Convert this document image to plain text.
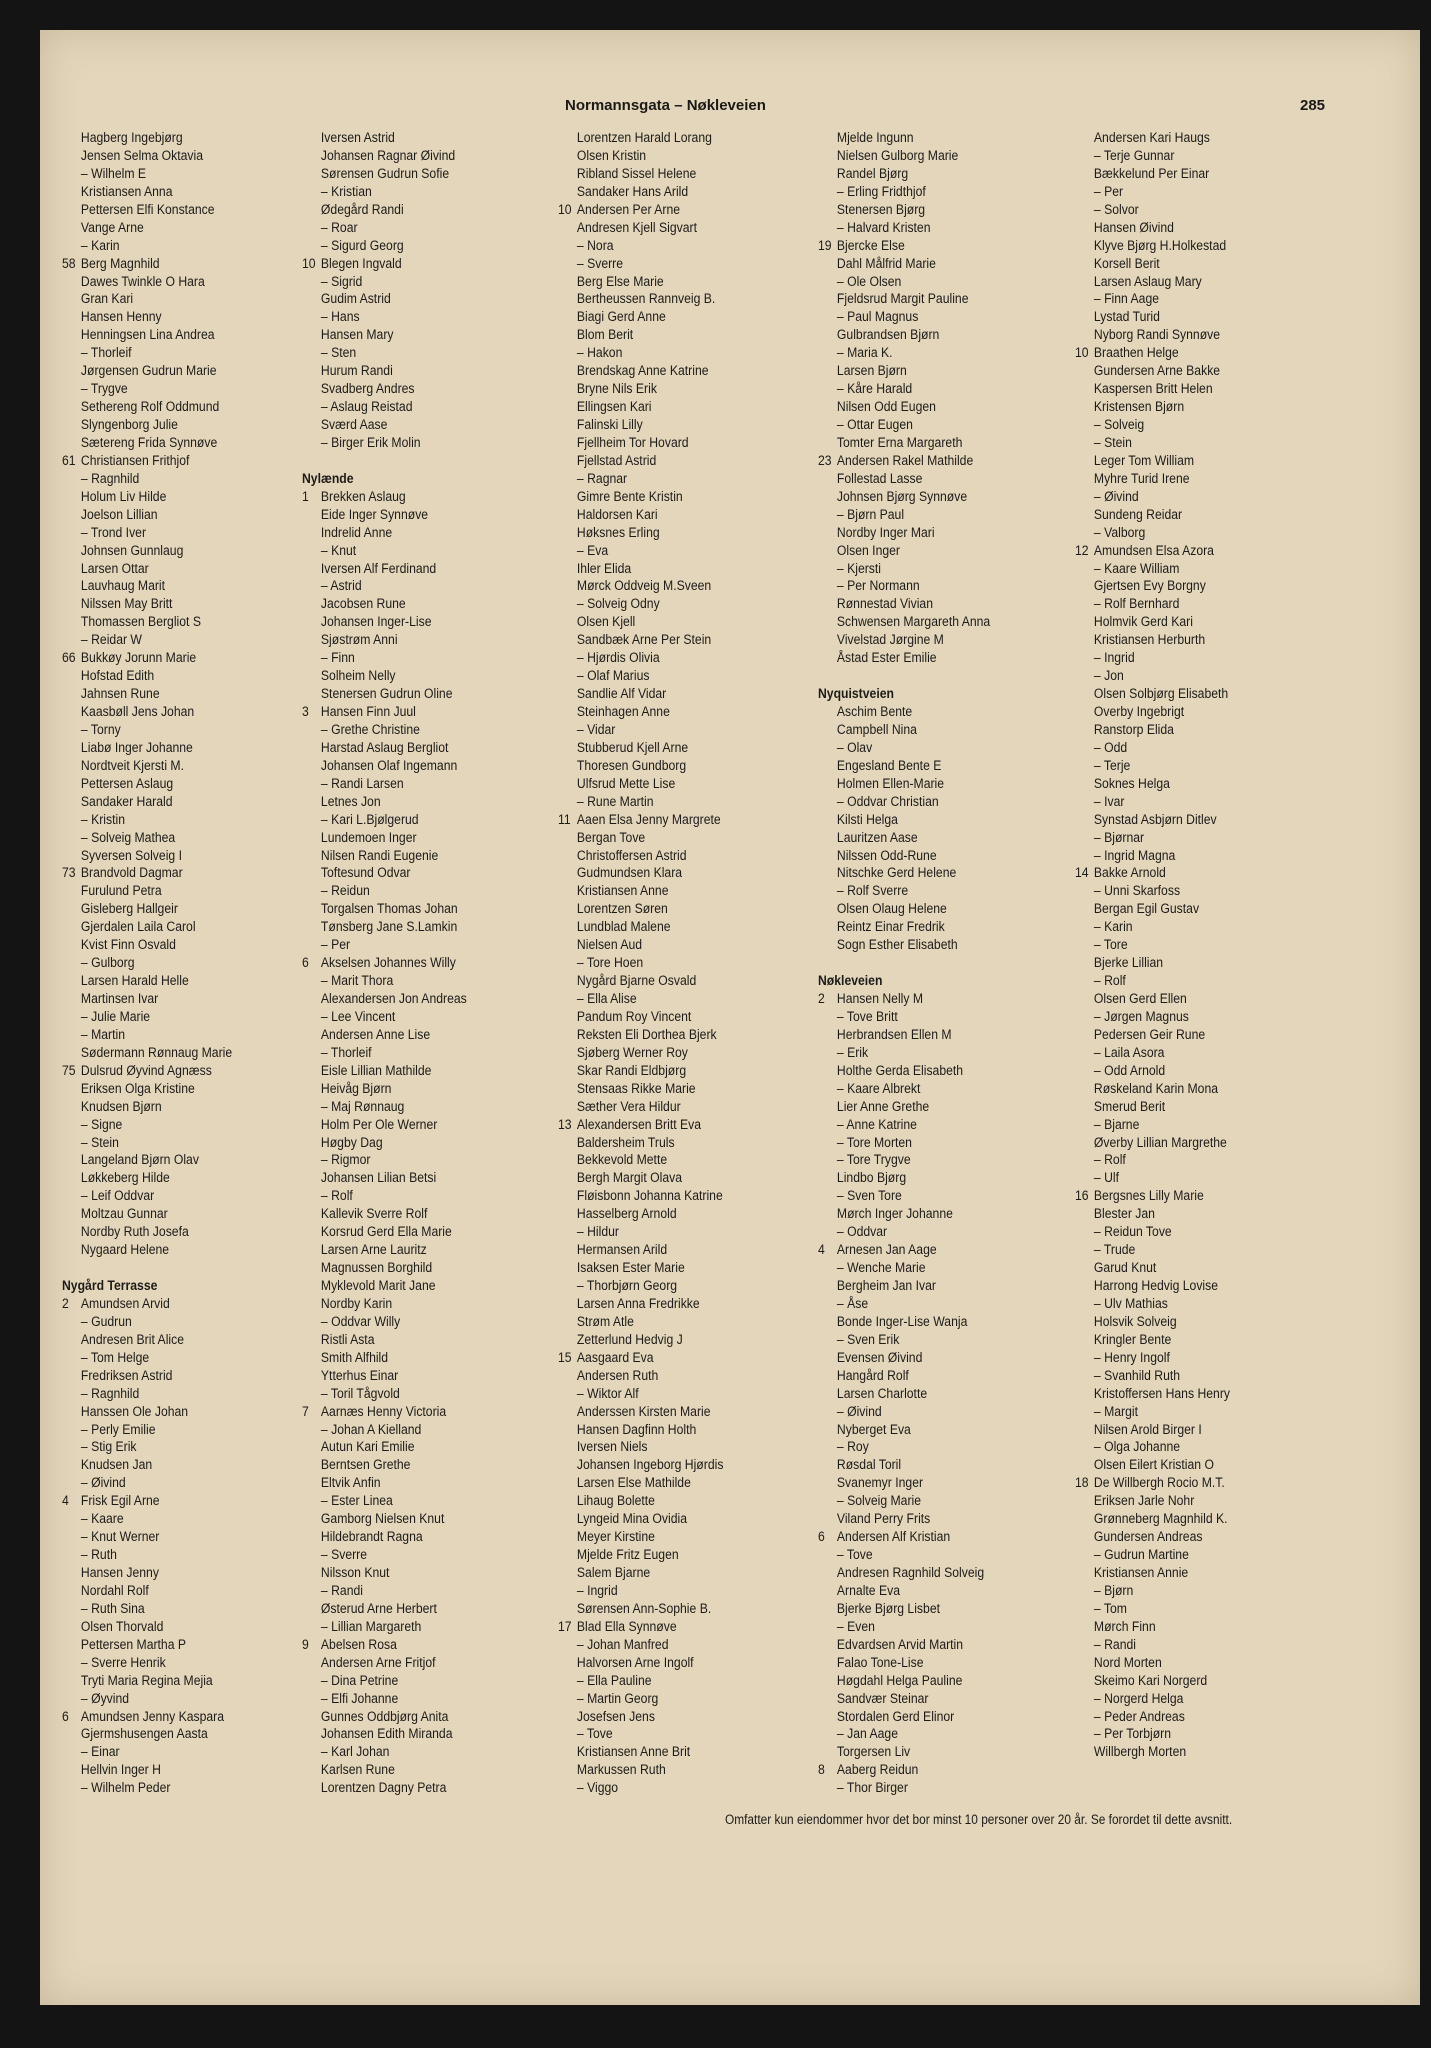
Normannsgata – Nøkleveien	285
Hagberg Ingebjørg
Jensen Selma Oktavia
– Wilhelm E
Kristiansen Anna
Pettersen Elfi Konstance
Vange Arne
– Karin
58 Berg Magnhild
Dawes Twinkle O Hara
Gran Kari
Hansen Henny
Henningsen Lina Andrea
– Thorleif
Jørgensen Gudrun Marie
– Trygve
Sethereng Rolf Oddmund
Slyngenborg Julie
Sætereng Frida Synnøve
61 Christiansen Frithjof
– Ragnhild
Holum Liv Hilde
Joelson Lillian
– Trond Iver
Johnsen Gunnlaug
Larsen Ottar
Lauvhaug Marit
Nilssen May Britt
Thomassen Bergliot S
– Reidar W
66 Bukkøy Jorunn Marie
Hofstad Edith
Jahnsen Rune
Kaasbøll Jens Johan
– Torny
Liabø Inger Johanne
Nordtveit Kjersti M.
Pettersen Aslaug
Sandaker Harald
– Kristin
– Solveig Mathea
Syversen Solveig I
73 Brandvold Dagmar
Furulund Petra
Gisleberg Hallgeir
Gjerdalen Laila Carol
Kvist Finn Osvald
– Gulborg
Larsen Harald Helle
Martinsen Ivar
– Julie Marie
– Martin
Sødermann Rønnaug Marie
75 Dulsrud Øyvind Agnæss
Eriksen Olga Kristine
Knudsen Bjørn
– Signe
– Stein
Langeland Bjørn Olav
Løkkeberg Hilde
– Leif Oddvar
Moltzau Gunnar
Nordby Ruth Josefa
Nygaard Helene
Nygård Terrasse
2 Amundsen Arvid
– Gudrun
Andresen Brit Alice
– Tom Helge
Fredriksen Astrid
– Ragnhild
Hanssen Ole Johan
– Perly Emilie
– Stig Erik
Knudsen Jan
– Øivind
4 Frisk Egil Arne
– Kaare
– Knut Werner
– Ruth
Hansen Jenny
Nordahl Rolf
– Ruth Sina
Olsen Thorvald
Pettersen Martha P
– Sverre Henrik
Tryti Maria Regina Mejia
– Øyvind
6 Amundsen Jenny Kaspara
Gjermshusengen Aasta
– Einar
Hellvin Inger H
– Wilhelm Peder
Iversen Astrid
Johansen Ragnar Øivind
Sørensen Gudrun Sofie
– Kristian
Ødegård Randi
– Roar
– Sigurd Georg
10 Blegen Ingvald
– Sigrid
Gudim Astrid
– Hans
Hansen Mary
– Sten
Hurum Randi
Svadberg Andres
– Aslaug Reistad
Sværd Aase
– Birger Erik Molin
Nylænde
1 Brekken Aslaug
Eide Inger Synnøve
Indrelid Anne
– Knut
Iversen Alf Ferdinand
– Astrid
Jacobsen Rune
Johansen Inger-Lise
Sjøstrøm Anni
– Finn
Solheim Nelly
Stenersen Gudrun Oline
3 Hansen Finn Juul
– Grethe Christine
Harstad Aslaug Bergliot
Johansen Olaf Ingemann
– Randi Larsen
Letnes Jon
– Kari L.Bjølgerud
Lundemoen Inger
Nilsen Randi Eugenie
Toftesund Odvar
– Reidun
Torgalsen Thomas Johan
Tønsberg Jane S.Lamkin
– Per
6 Akselsen Johannes Willy
– Marit Thora
Alexandersen Jon Andreas
– Lee Vincent
Andersen Anne Lise
– Thorleif
Eisle Lillian Mathilde
Heivåg Bjørn
– Maj Rønnaug
Holm Per Ole Werner
Høgby Dag
– Rigmor
Johansen Lilian Betsi
– Rolf
Kallevik Sverre Rolf
Korsrud Gerd Ella Marie
Larsen Arne Lauritz
Magnussen Borghild
Myklevold Marit Jane
Nordby Karin
– Oddvar Willy
Ristli Asta
Smith Alfhild
Ytterhus Einar
– Toril Tågvold
7 Aarnæs Henny Victoria
– Johan A Kielland
Autun Kari Emilie
Berntsen Grethe
Eltvik Anfin
– Ester Linea
Gamborg Nielsen Knut
Hildebrandt Ragna
– Sverre
Nilsson Knut
– Randi
Østerud Arne Herbert
– Lillian Margareth
9 Abelsen Rosa
Andersen Arne Fritjof
– Dina Petrine
– Elfi Johanne
Gunnes Oddbjørg Anita
Johansen Edith Miranda
– Karl Johan
Karlsen Rune
Lorentzen Dagny Petra
Lorentzen Harald Lorang
Olsen Kristin
Ribland Sissel Helene
Sandaker Hans Arild
10 Andersen Per Arne
Andresen Kjell Sigvart
– Nora
– Sverre
Berg Else Marie
Bertheussen Rannveig B.
Biagi Gerd Anne
Blom Berit
– Hakon
Brendskag Anne Katrine
Bryne Nils Erik
Ellingsen Kari
Falinski Lilly
Fjellheim Tor Hovard
Fjellstad Astrid
– Ragnar
Gimre Bente Kristin
Haldorsen Kari
Høksnes Erling
– Eva
Ihler Elida
Mørck Oddveig M.Sveen
– Solveig Odny
Olsen Kjell
Sandbæk Arne Per Stein
– Hjørdis Olivia
– Olaf Marius
Sandlie Alf Vidar
Steinhagen Anne
– Vidar
Stubberud Kjell Arne
Thoresen Gundborg
Ulfsrud Mette Lise
– Rune Martin
11 Aaen Elsa Jenny Margrete
Bergan Tove
Christoffersen Astrid
Gudmundsen Klara
Kristiansen Anne
Lorentzen Søren
Lundblad Malene
Nielsen Aud
– Tore Hoen
Nygård Bjarne Osvald
– Ella Alise
Pandum Roy Vincent
Reksten Eli Dorthea Bjerk
Sjøberg Werner Roy
Skar Randi Eldbjørg
Stensaas Rikke Marie
Sæther Vera Hildur
13 Alexandersen Britt Eva
Baldersheim Truls
Bekkevold Mette
Bergh Margit Olava
Fløisbonn Johanna Katrine
Hasselberg Arnold
– Hildur
Hermansen Arild
Isaksen Ester Marie
– Thorbjørn Georg
Larsen Anna Fredrikke
Strøm Atle
Zetterlund Hedvig J
15 Aasgaard Eva
Andersen Ruth
– Wiktor Alf
Anderssen Kirsten Marie
Hansen Dagfinn Holth
Iversen Niels
Johansen Ingeborg Hjørdis
Larsen Else Mathilde
Lihaug Bolette
Lyngeid Mina Ovidia
Meyer Kirstine
Mjelde Fritz Eugen
Salem Bjarne
– Ingrid
Sørensen Ann-Sophie B.
17 Blad Ella Synnøve
– Johan Manfred
Halvorsen Arne Ingolf
– Ella Pauline
– Martin Georg
Josefsen Jens
– Tove
Kristiansen Anne Brit
Markussen Ruth
– Viggo
Mjelde Ingunn
Nielsen Gulborg Marie
Randel Bjørg
– Erling Fridthjof
Stenersen Bjørg
– Halvard Kristen
19 Bjercke Else
Dahl Målfrid Marie
– Ole Olsen
Fjeldsrud Margit Pauline
– Paul Magnus
Gulbrandsen Bjørn
– Maria K.
Larsen Bjørn
– Kåre Harald
Nilsen Odd Eugen
– Ottar Eugen
Tomter Erna Margareth
23 Andersen Rakel Mathilde
Follestad Lasse
Johnsen Bjørg Synnøve
– Bjørn Paul
Nordby Inger Mari
Olsen Inger
– Kjersti
– Per Normann
Rønnestad Vivian
Schwensen Margareth Anna
Vivelstad Jørgine M
Åstad Ester Emilie
Nyquistveien
Aschim Bente
Campbell Nina
– Olav
Engesland Bente E
Holmen Ellen-Marie
– Oddvar Christian
Kilsti Helga
Lauritzen Aase
Nilssen Odd-Rune
Nitschke Gerd Helene
– Rolf Sverre
Olsen Olaug Helene
Reintz Einar Fredrik
Sogn Esther Elisabeth
Nøkleveien
2 Hansen Nelly M
– Tove Britt
Herbrandsen Ellen M
– Erik
Holthe Gerda Elisabeth
– Kaare Albrekt
Lier Anne Grethe
– Anne Katrine
– Tore Morten
– Tore Trygve
Lindbo Bjørg
– Sven Tore
Mørch Inger Johanne
– Oddvar
4 Arnesen Jan Aage
– Wenche Marie
Bergheim Jan Ivar
– Åse
Bonde Inger-Lise Wanja
– Sven Erik
Evensen Øivind
Hangård Rolf
Larsen Charlotte
– Øivind
Nyberget Eva
– Roy
Røsdal Toril
Svanemyr Inger
– Solveig Marie
Viland Perry Frits
6 Andersen Alf Kristian
– Tove
Andresen Ragnhild Solveig
Arnalte Eva
Bjerke Bjørg Lisbet
– Even
Edvardsen Arvid Martin
Falao Tone-Lise
Høgdahl Helga Pauline
Sandvær Steinar
Stordalen Gerd Elinor
– Jan Aage
Torgersen Liv
8 Aaberg Reidun
– Thor Birger
Andersen Kari Haugs
– Terje Gunnar
Bækkelund Per Einar
– Per
– Solvor
Hansen Øivind
Klyve Bjørg H.Holkestad
Korsell Berit
Larsen Aslaug Mary
– Finn Aage
Lystad Turid
Nyborg Randi Synnøve
10 Braathen Helge
Gundersen Arne Bakke
Kaspersen Britt Helen
Kristensen Bjørn
– Solveig
– Stein
Leger Tom William
Myhre Turid Irene
– Øivind
Sundeng Reidar
– Valborg
12 Amundsen Elsa Azora
– Kaare William
Gjertsen Evy Borgny
– Rolf Bernhard
Holmvik Gerd Kari
Kristiansen Herburth
– Ingrid
– Jon
Olsen Solbjørg Elisabeth
Overby Ingebrigt
Ranstorp Elida
– Odd
– Terje
Soknes Helga
– Ivar
Synstad Asbjørn Ditlev
– Bjørnar
– Ingrid Magna
14 Bakke Arnold
– Unni Skarfoss
Bergan Egil Gustav
– Karin
– Tore
Bjerke Lillian
– Rolf
Olsen Gerd Ellen
– Jørgen Magnus
Pedersen Geir Rune
– Laila Asora
– Odd Arnold
Røskeland Karin Mona
Smerud Berit
– Bjarne
Øverby Lillian Margrethe
– Rolf
– Ulf
16 Bergsnes Lilly Marie
Blester Jan
– Reidun Tove
– Trude
Garud Knut
Harrong Hedvig Lovise
– Ulv Mathias
Holsvik Solveig
Kringler Bente
– Henry Ingolf
– Svanhild Ruth
Kristoffersen Hans Henry
– Margit
Nilsen Arold Birger I
– Olga Johanne
Olsen Eilert Kristian O
18 De Willbergh Rocio M.T.
Eriksen Jarle Nohr
Grønneberg Magnhild K.
Gundersen Andreas
– Gudrun Martine
Kristiansen Annie
– Bjørn
– Tom
Mørch Finn
– Randi
Nord Morten
Skeimo Kari Norgerd
– Norgerd Helga
– Peder Andreas
– Per Torbjørn
Willbergh Morten
Omfatter kun eiendommer hvor det bor minst 10 personer over 20 år. Se forordet til dette avsnitt.
